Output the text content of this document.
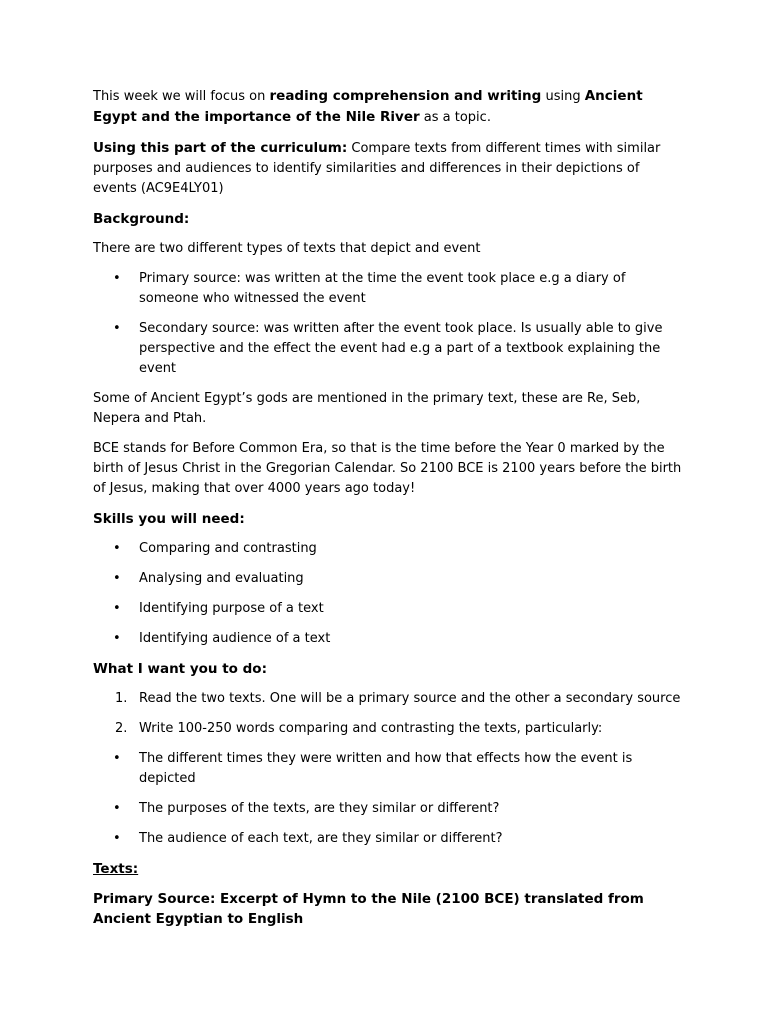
This week we will focus on reading comprehension and writing using Ancient Egypt and the importance of the Nile River as a topic.

Using this part of the curriculum: Compare texts from different times with similar purposes and audiences to identify similarities and differences in their depictions of events (AC9E4LY01)

Background:

There are two different types of texts that depict and event

• Primary source: was written at the time the event took place e.g a diary of someone who witnessed the event
• Secondary source: was written after the event took place. Is usually able to give perspective and the effect the event had e.g a part of a textbook explaining the event

Some of Ancient Egypt’s gods are mentioned in the primary text, these are Re, Seb, Nepera and Ptah.

BCE stands for Before Common Era, so that is the time before the Year 0 marked by the birth of Jesus Christ in the Gregorian Calendar. So 2100 BCE is 2100 years before the birth of Jesus, making that over 4000 years ago today!

Skills you will need:

• Comparing and contrasting
• Analysing and evaluating
• Identifying purpose of a text
• Identifying audience of a text

What I want you to do:

1. Read the two texts. One will be a primary source and the other a secondary source
2. Write 100-250 words comparing and contrasting the texts, particularly:
• The different times they were written and how that effects how the event is depicted
• The purposes of the texts, are they similar or different?
• The audience of each text, are they similar or different?

Texts:

Primary Source: Excerpt of Hymn to the Nile (2100 BCE) translated from Ancient Egyptian to English
